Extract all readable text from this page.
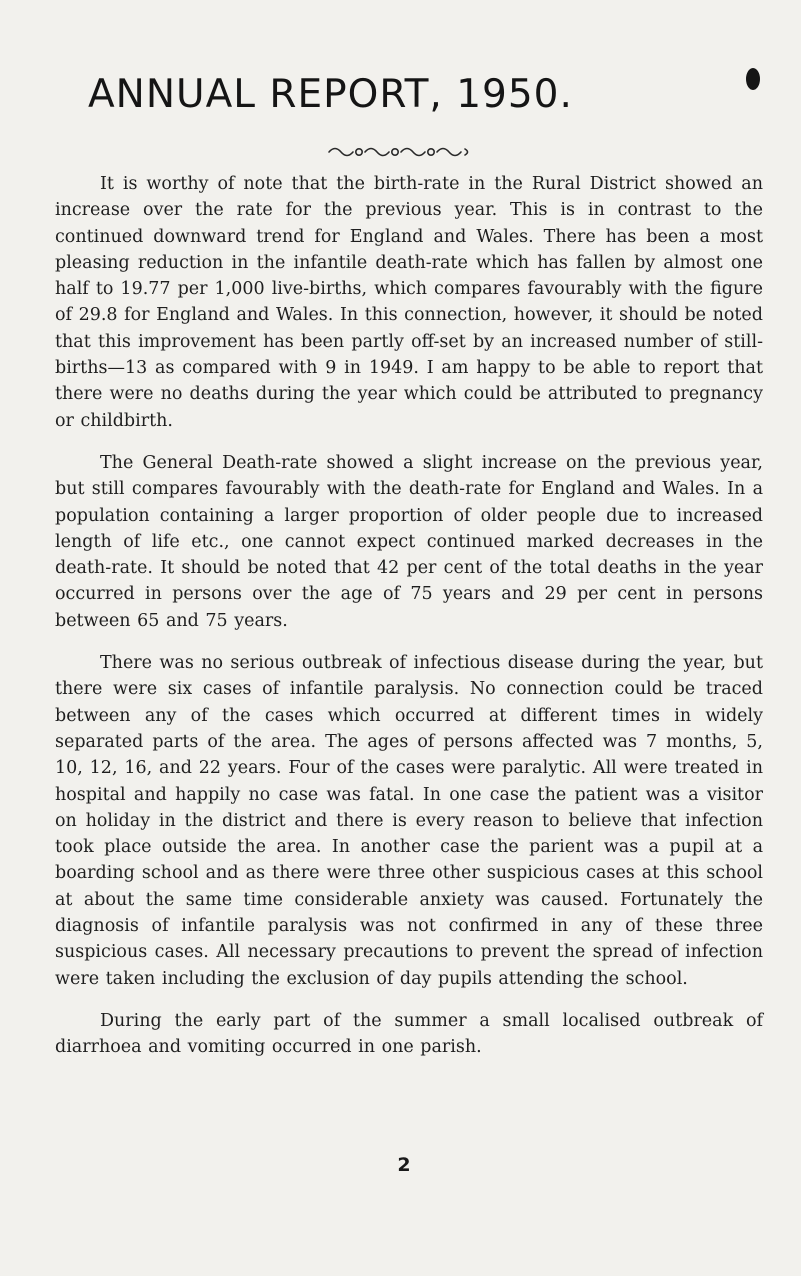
ANNUAL REPORT, 1950.

It is worthy of note that the birth-rate in the Rural District showed an increase over the rate for the previous year. This is in contrast to the continued downward trend for England and Wales. There has been a most pleasing reduction in the infantile death-rate which has fallen by almost one half to 19.77 per 1,000 live-births, which compares favourably with the figure of 29.8 for England and Wales. In this connection, however, it should be noted that this improvement has been partly off-set by an increased number of still-births—13 as compared with 9 in 1949. I am happy to be able to report that there were no deaths during the year which could be attributed to pregnancy or childbirth.

The General Death-rate showed a slight increase on the previous year, but still compares favourably with the death-rate for England and Wales. In a population containing a larger proportion of older people due to increased length of life etc., one cannot expect continued marked decreases in the death-rate. It should be noted that 42 per cent of the total deaths in the year occurred in persons over the age of 75 years and 29 per cent in persons between 65 and 75 years.

There was no serious outbreak of infectious disease during the year, but there were six cases of infantile paralysis. No connection could be traced between any of the cases which occurred at different times in widely separated parts of the area. The ages of persons affected was 7 months, 5, 10, 12, 16, and 22 years. Four of the cases were paralytic. All were treated in hospital and happily no case was fatal. In one case the patient was a visitor on holiday in the district and there is every reason to believe that infection took place outside the area. In another case the parient was a pupil at a boarding school and as there were three other suspicious cases at this school at about the same time considerable anxiety was caused. Fortunately the diagnosis of infantile paralysis was not confirmed in any of these three suspicious cases. All necessary precautions to prevent the spread of infection were taken including the exclusion of day pupils attending the school.

During the early part of the summer a small localised outbreak of diarrhoea and vomiting occurred in one parish.

2
